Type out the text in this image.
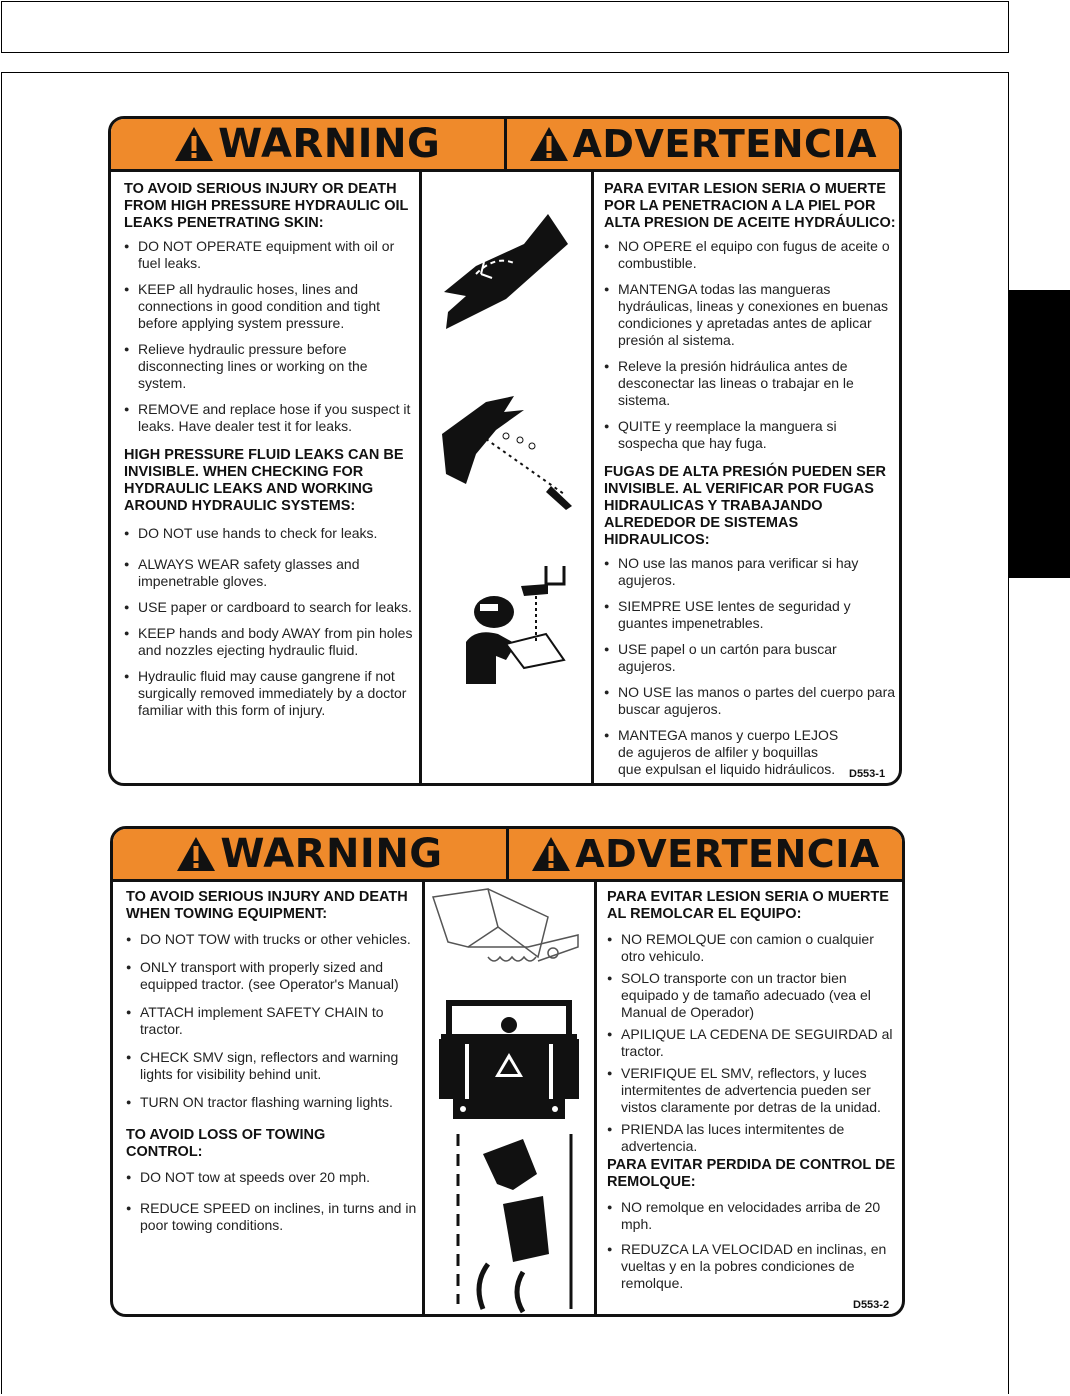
WARNING	ADVERTENCIA
TO AVOID SERIOUS INJURY OR DEATH FROM HIGH PRESSURE HYDRAULIC OIL LEAKS PENETRATING SKIN:
● DO NOT OPERATE equipment with oil or fuel leaks.
● KEEP all hydraulic hoses, lines and connections in good condition and tight before applying system pressure.
● Relieve hydraulic pressure before disconnecting lines or working on the system.
● REMOVE and replace hose if you suspect it leaks. Have dealer test it for leaks.
HIGH PRESSURE FLUID LEAKS CAN BE INVISIBLE. WHEN CHECKING FOR HYDRAULIC LEAKS AND WORKING AROUND HYDRAULIC SYSTEMS:
● DO NOT use hands to check for leaks.
● ALWAYS WEAR safety glasses and impenetrable gloves.
● USE paper or cardboard to search for leaks.
● KEEP hands and body AWAY from pin holes and nozzles ejecting hydraulic fluid.
● Hydraulic fluid may cause gangrene if not surgically removed immediately by a doctor familiar with this form of injury.
PARA EVITAR LESION SERIA O MUERTE POR LA PENETRACION A LA PIEL POR ALTA PRESION DE ACEITE HYDRÁULICO:
● NO OPERE el equipo con fugus de aceite o combustible.
● MANTENGA todas las mangueras hydráulicas, lineas y conexiones en buenas condiciones y apretadas antes de aplicar presión al sistema.
● Releve la presión hidráulica antes de desconectar las lineas o trabajar en le sistema.
● QUITE y reemplace la manguera si sospecha que hay fuga.
FUGAS DE ALTA PRESIÓN PUEDEN SER INVISIBLE. AL VERIFICAR POR FUGAS HIDRAULICAS Y TRABAJANDO ALREDEDOR DE SISTEMAS HIDRAULICOS:
● NO use las manos para verificar si hay agujeros.
● SIEMPRE USE lentes de seguridad y guantes impenetrables.
● USE papel o un cartón para buscar agujeros.
● NO USE las manos o partes del cuerpo para buscar agujeros.
● MANTEGA manos y cuerpo LEJOS de agujeros de alfiler y boquillas que expulsan el liquido hidráulicos.	D553-1
WARNING	ADVERTENCIA
TO AVOID SERIOUS INJURY AND DEATH WHEN TOWING EQUIPMENT:
● DO NOT TOW with trucks or other vehicles.
● ONLY transport with properly sized and equipped tractor. (see Operator's Manual)
● ATTACH implement SAFETY CHAIN to tractor.
● CHECK SMV sign, reflectors and warning lights for visibility behind unit.
● TURN ON tractor flashing warning lights.
TO AVOID LOSS OF TOWING CONTROL:
● DO NOT tow at speeds over 20 mph.
● REDUCE SPEED on inclines, in turns and in poor towing conditions.
PARA EVITAR LESION SERIA O MUERTE AL REMOLCAR EL EQUIPO:
● NO REMOLQUE con camion o cualquier otro vehiculo.
● SOLO transporte con un tractor bien equipado y de tamaño adecuado (vea el Manual de Operador)
● APILIQUE LA CEDENA DE SEGUIRDAD al tractor.
● VERIFIQUE EL SMV, reflectors, y luces intermitentes de advertencia pueden ser vistos claramente por detras de la unidad.
● PRIENDA las luces intermitentes de advertencia.
PARA EVITAR PERDIDA DE CONTROL DE REMOLQUE:
● NO remolque en velocidades arriba de 20 mph.
● REDUZCA LA VELOCIDAD en inclinas, en vueltas y en la pobres condiciones de remolque.
D553-2
